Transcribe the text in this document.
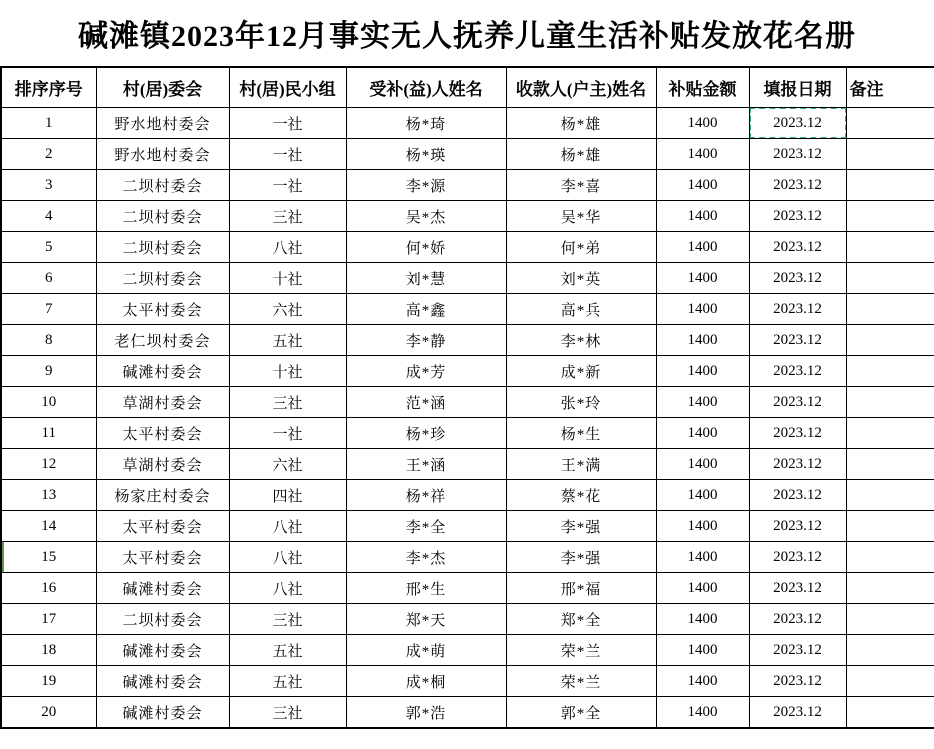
碱滩镇2023年12月事实无人抚养儿童生活补贴发放花名册
排序序号	村(居)委会	村(居)民小组	受补(益)人姓名	收款人(户主)姓名	补贴金额	填报日期	备注
1	野水地村委会	一社	杨*琦	杨*雄	1400	2023.12	
2	野水地村委会	一社	杨*瑛	杨*雄	1400	2023.12	
3	二坝村委会	一社	李*源	李*喜	1400	2023.12	
4	二坝村委会	三社	吴*杰	吴*华	1400	2023.12	
5	二坝村委会	八社	何*娇	何*弟	1400	2023.12	
6	二坝村委会	十社	刘*慧	刘*英	1400	2023.12	
7	太平村委会	六社	高*鑫	高*兵	1400	2023.12	
8	老仁坝村委会	五社	李*静	李*林	1400	2023.12	
9	碱滩村委会	十社	成*芳	成*新	1400	2023.12	
10	草湖村委会	三社	范*涵	张*玲	1400	2023.12	
11	太平村委会	一社	杨*珍	杨*生	1400	2023.12	
12	草湖村委会	六社	王*涵	王*满	1400	2023.12	
13	杨家庄村委会	四社	杨*祥	蔡*花	1400	2023.12	
14	太平村委会	八社	李*全	李*强	1400	2023.12	
15	太平村委会	八社	李*杰	李*强	1400	2023.12	
16	碱滩村委会	八社	邢*生	邢*福	1400	2023.12	
17	二坝村委会	三社	郑*天	郑*全	1400	2023.12	
18	碱滩村委会	五社	成*萌	荣*兰	1400	2023.12	
19	碱滩村委会	五社	成*桐	荣*兰	1400	2023.12	
20	碱滩村委会	三社	郭*浩	郭*全	1400	2023.12	
